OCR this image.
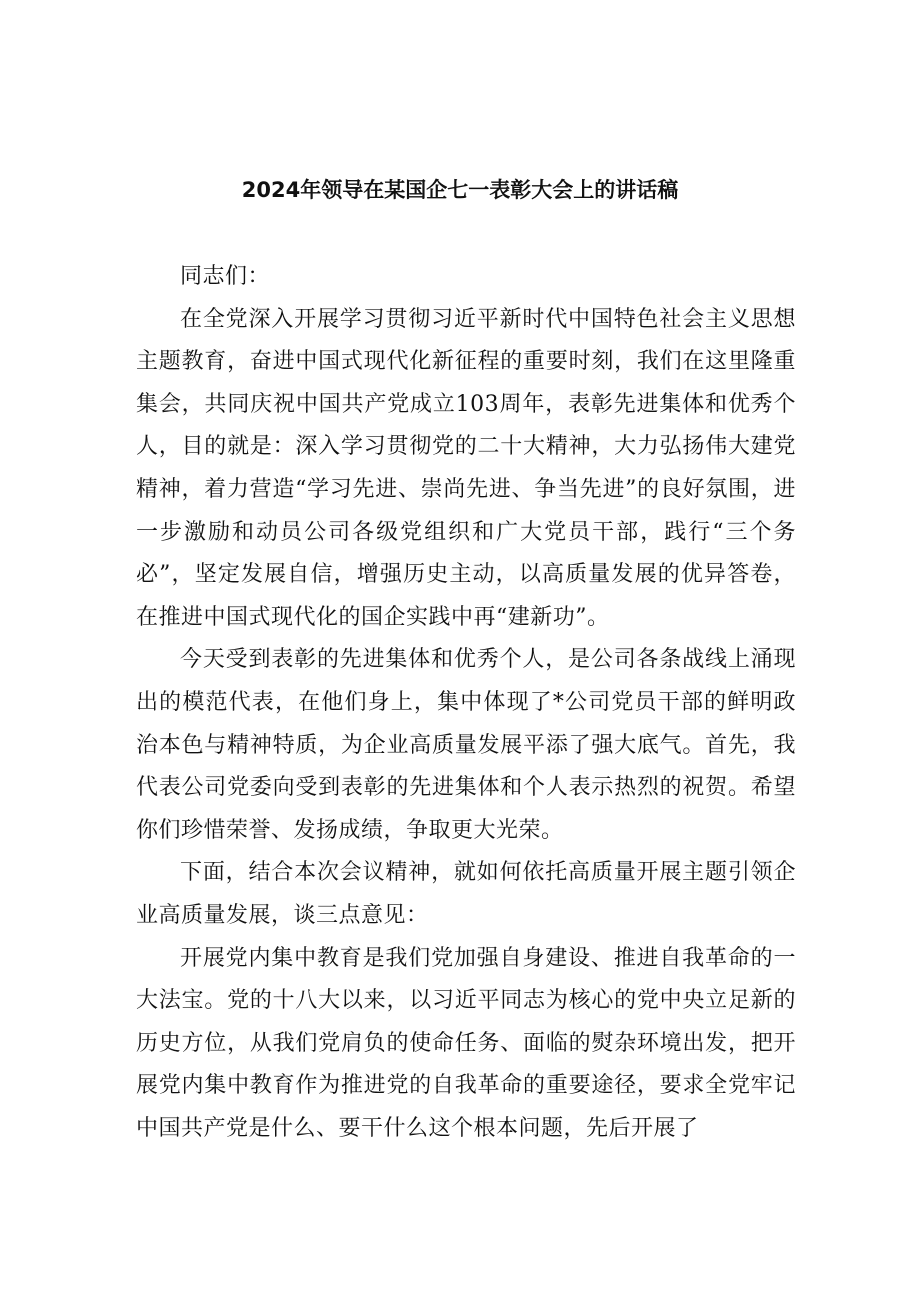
2024年领导在某国企七一表彰大会上的讲话稿

同志们：

在全党深入开展学习贯彻习近平新时代中国特色社会主义思想主题教育，奋进中国式现代化新征程的重要时刻，我们在这里隆重集会，共同庆祝中国共产党成立103周年，表彰先进集体和优秀个人，目的就是：深入学习贯彻党的二十大精神，大力弘扬伟大建党精神，着力营造“学习先进、崇尚先进、争当先进”的良好氛围，进一步激励和动员公司各级党组织和广大党员干部，践行“三个务必”，坚定发展自信，增强历史主动，以高质量发展的优异答卷，在推进中国式现代化的国企实践中再“建新功”。

今天受到表彰的先进集体和优秀个人，是公司各条战线上涌现出的模范代表，在他们身上，集中体现了*公司党员干部的鲜明政治本色与精神特质，为企业高质量发展平添了强大底气。首先，我代表公司党委向受到表彰的先进集体和个人表示热烈的祝贺。希望你们珍惜荣誉、发扬成绩，争取更大光荣。

下面，结合本次会议精神，就如何依托高质量开展主题引领企业高质量发展，谈三点意见：

开展党内集中教育是我们党加强自身建设、推进自我革命的一大法宝。党的十八大以来，以习近平同志为核心的党中央立足新的历史方位，从我们党肩负的使命任务、面临的熨杂环境出发，把开展党内集中教育作为推进党的自我革命的重要途径，要求全党牢记中国共产党是什么、要干什么这个根本问题，先后开展了
